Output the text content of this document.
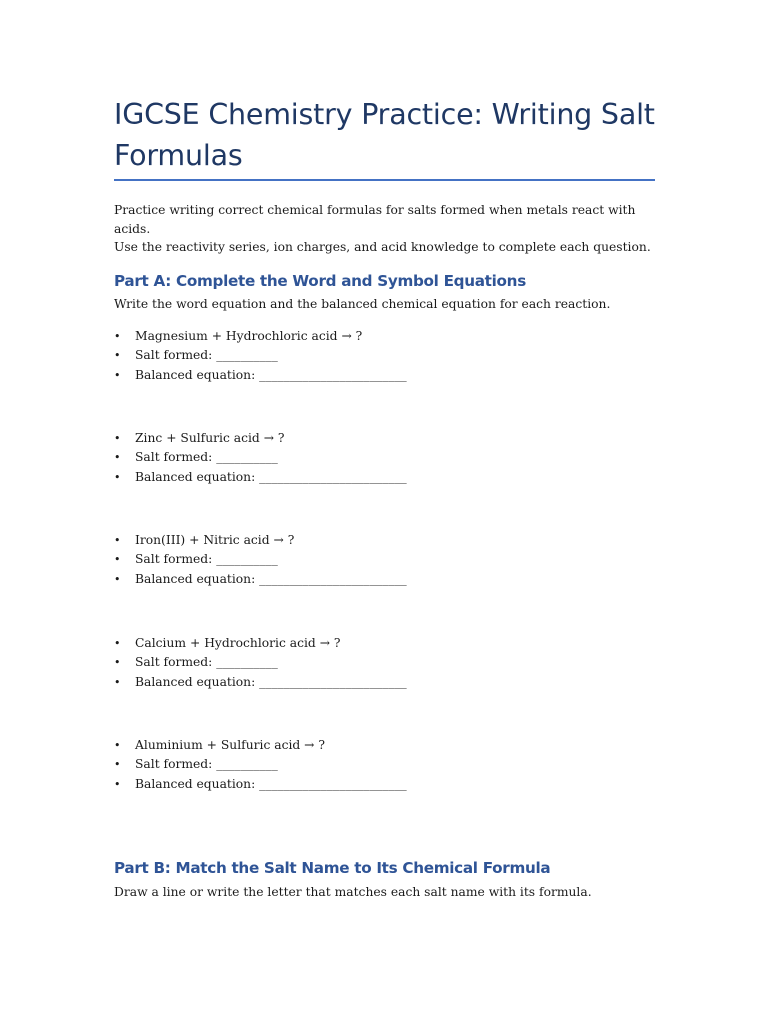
IGCSE Chemistry Practice: Writing Salt Formulas

Practice writing correct chemical formulas for salts formed when metals react with acids.
Use the reactivity series, ion charges, and acid knowledge to complete each question.

Part A: Complete the Word and Symbol Equations

Write the word equation and the balanced chemical equation for each reaction.

• Magnesium + Hydrochloric acid → ?
• Salt formed: __________
• Balanced equation: ________________________
• Zinc + Sulfuric acid → ?
• Salt formed: __________
• Balanced equation: ________________________
• Iron(III) + Nitric acid → ?
• Salt formed: __________
• Balanced equation: ________________________
• Calcium + Hydrochloric acid → ?
• Salt formed: __________
• Balanced equation: ________________________
• Aluminium + Sulfuric acid → ?
• Salt formed: __________
• Balanced equation: ________________________
Part B: Match the Salt Name to Its Chemical Formula

Draw a line or write the letter that matches each salt name with its formula.
